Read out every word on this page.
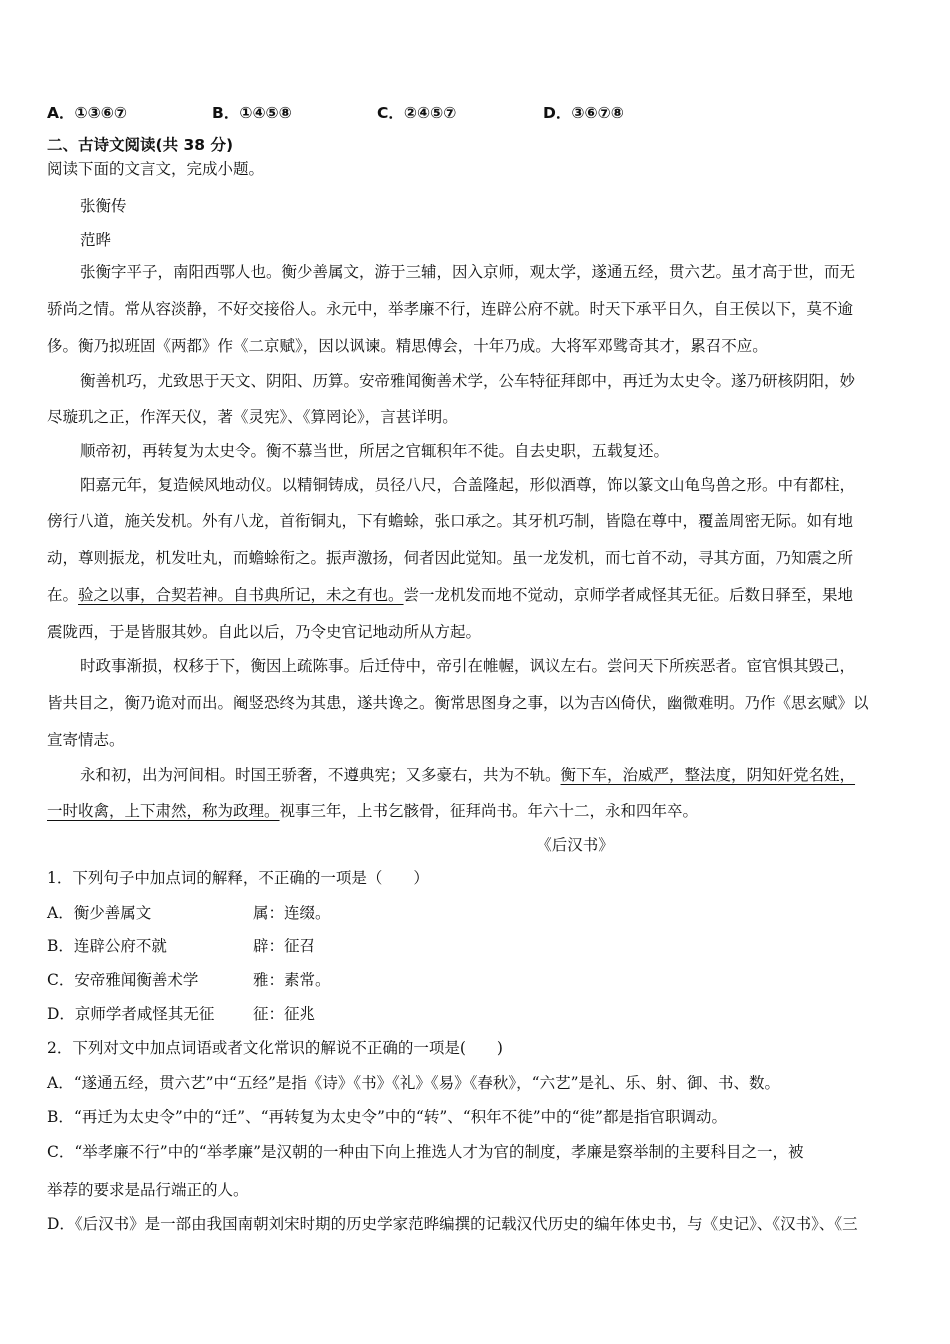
A．①③⑥⑦	B．①④⑤⑧	C．②④⑤⑦	D．③⑥⑦⑧
二、古诗文阅读(共 38 分)
阅读下面的文言文，完成小题。
张衡传
范晔
张衡字平子，南阳西鄂人也。衡少善属文，游于三辅，因入京师，观太学，遂通五经，贯六艺。虽才高于世，而无
骄尚之情。常从容淡静，不好交接俗人。永元中，举孝廉不行，连辟公府不就。时天下承平日久，自王侯以下，莫不逾
侈。衡乃拟班固《两都》作《二京赋》，因以讽谏。精思傅会，十年乃成。大将军邓骘奇其才，累召不应。
衡善机巧，尤致思于天文、阴阳、历算。安帝雅闻衡善术学，公车特征拜郎中，再迁为太史令。遂乃研核阴阳，妙
尽璇玑之正，作浑天仪，著《灵宪》、《算罔论》，言甚详明。
顺帝初，再转复为太史令。衡不慕当世，所居之官辄积年不徙。自去史职，五载复还。
阳嘉元年，复造候风地动仪。以精铜铸成，员径八尺，合盖隆起，形似酒尊，饰以篆文山龟鸟兽之形。中有都柱，
傍行八道，施关发机。外有八龙，首衔铜丸，下有蟾蜍，张口承之。其牙机巧制，皆隐在尊中，覆盖周密无际。如有地
动，尊则振龙，机发吐丸，而蟾蜍衔之。振声激扬，伺者因此觉知。虽一龙发机，而七首不动，寻其方面，乃知震之所
在。验之以事，合契若神。自书典所记，未之有也。尝一龙机发而地不觉动，京师学者咸怪其无征。后数日驿至，果地
震陇西，于是皆服其妙。自此以后，乃令史官记地动所从方起。
时政事渐损，权移于下，衡因上疏陈事。后迁侍中，帝引在帷幄，讽议左右。尝问天下所疾恶者。宦官惧其毁己，
皆共目之，衡乃诡对而出。阉竖恐终为其患，遂共谗之。衡常思图身之事，以为吉凶倚伏，幽微难明。乃作《思玄赋》以
宣寄情志。
永和初，出为河间相。时国王骄奢，不遵典宪；又多豪右，共为不轨。衡下车，治威严，整法度，阴知奸党名姓，
一时收禽，上下肃然，称为政理。视事三年，上书乞骸骨，征拜尚书。年六十二，永和四年卒。
《后汉书》
1．下列句子中加点词的解释，不正确的一项是（　　）
A．衡少善属文	属：连缀。
B．连辟公府不就	辟：征召
C．安帝雅闻衡善术学	雅：素常。
D．京师学者咸怪其无征 征：征兆
2．下列对文中加点词语或者文化常识的解说不正确的一项是(　　)
A．“遂通五经，贯六艺”中“五经”是指《诗》《书》《礼》《易》《春秋》，“六艺”是礼、乐、射、御、书、数。
B．“再迁为太史令”中的“迁”、“再转复为太史令”中的“转”、“积年不徙”中的“徙”都是指官职调动。
C．“举孝廉不行”中的“举孝廉”是汉朝的一种由下向上推选人才为官的制度，孝廉是察举制的主要科目之一，被
举荐的要求是品行端正的人。
D．《后汉书》是一部由我国南朝刘宋时期的历史学家范晔编撰的记载汉代历史的编年体史书，与《史记》、《汉书》、《三
